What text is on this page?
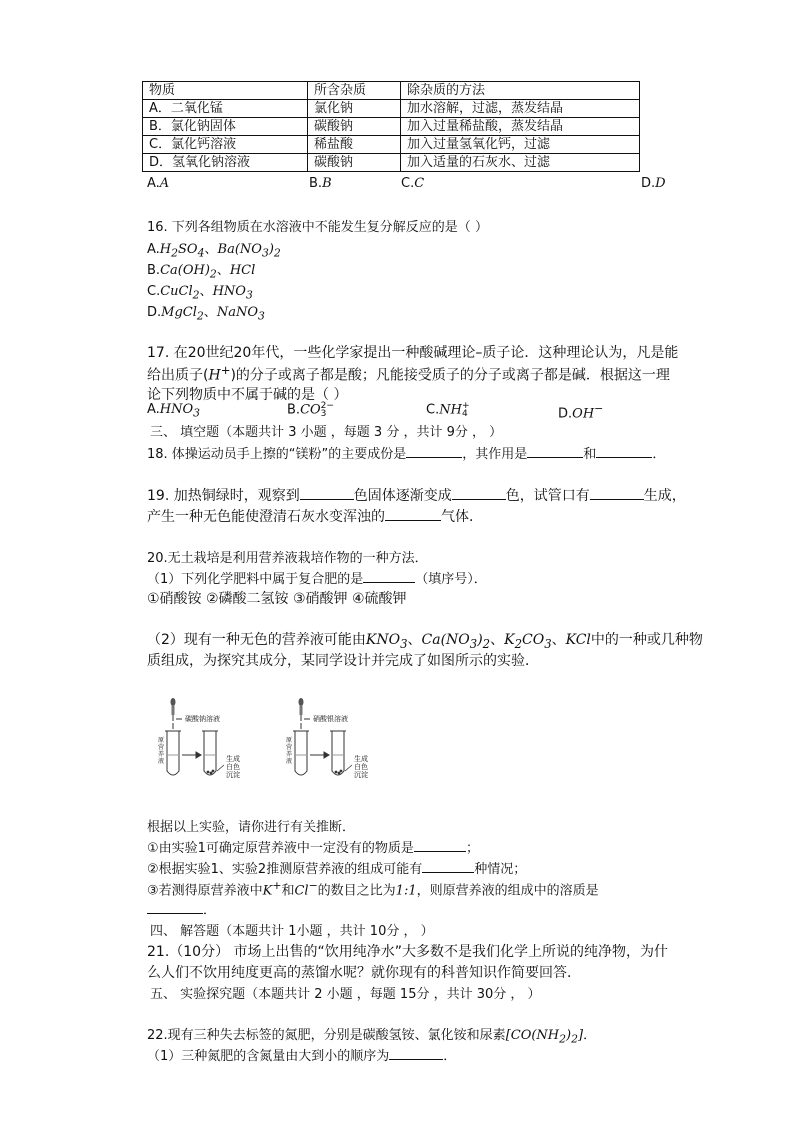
物质	所含杂质	除杂质的方法
A．二氧化锰	氯化钠	加水溶解，过滤，蒸发结晶
B．氯化钠固体	碳酸钠	加入过量稀盐酸，蒸发结晶
C．氯化钙溶液	稀盐酸	加入过量氢氧化钙，过滤
D．氢氧化钠溶液	碳酸钠	加入适量的石灰水、过滤
A.A	B.B	C.C	D.D
16. 下列各组物质在水溶液中不能发生复分解反应的是（ ）
$A.H_2SO_4$、$Ba(NO_3)_2$
$B.Ca(OH)_2$、HCl
C.CuCl$_2$、$HNO_3$
D.MgCl$_2$、NaNO$_3$
17. 在20世纪20年代，一些化学家提出一种酸碱理论–质子论．这种理论认为，凡是能
给出质子(H+)的分子或离子都是酸；凡能接受质子的分子或离子都是碱．根据这一理
论下列物质中不属于碱的是（ ）
$A.HNO_3$	B.CO 2−
3	C.NH +
4	D.OH−
三、 填空题（本题共计 3 小题 ，每题 3 分 ，共计 9分 ， ）
18. 体操运动员手上擦的“镁粉”的主要成份是	，其作用是	和	．
19. 加热铜绿时，观察到	色固体逐渐变成	色，试管口有	生成，
产生一种无色能使澄清石灰水变浑浊的	气体．
20.无土栽培是利用营养液栽培作物的一种方法．
（1）下列化学肥料中属于复合肥的是	（填序号）．
①硝酸铵 ②磷酸二氢铵 ③硝酸钾 ④硫酸钾
（2）现有一种无色的营养液可能由$KNO_3$、$Ca(NO_3)_2$、$K_2CO_3$、KCl中的一种或几种物
质组成，为探究其成分，某同学设计并完成了如图所示的实验．
碳酸钠溶液
原
营
养
液	生成
白色
沉淀
硝酸银溶液
原
营
养
液	生成
白色
沉淀
根据以上实验，请你进行有关推断．
①由实验1可确定原营养液中一定没有的物质是	；
②根据实验1、实验2推测原营养液的组成可能有	种情况；
③若测得原营养液中K+和Cl−的数目之比为1:1，则原营养液的组成中的溶质是
．
四、 解答题（本题共计 1小题 ，共计 10分 ， ）
21.（10分） 市场上出售的“饮用纯净水”大多数不是我们化学上所说的纯净物，为什
么人们不饮用纯度更高的蒸馏水呢？就你现有的科普知识作简要回答．
五、 实验探究题（本题共计 2 小题 ，每题 15分 ，共计 30分 ， ）
22.现有三种失去标签的氮肥，分别是碳酸氢铵、氯化铵和尿素$[CO(NH_2)_2]$．
（1）三种氮肥的含氮量由大到小的顺序为	．
